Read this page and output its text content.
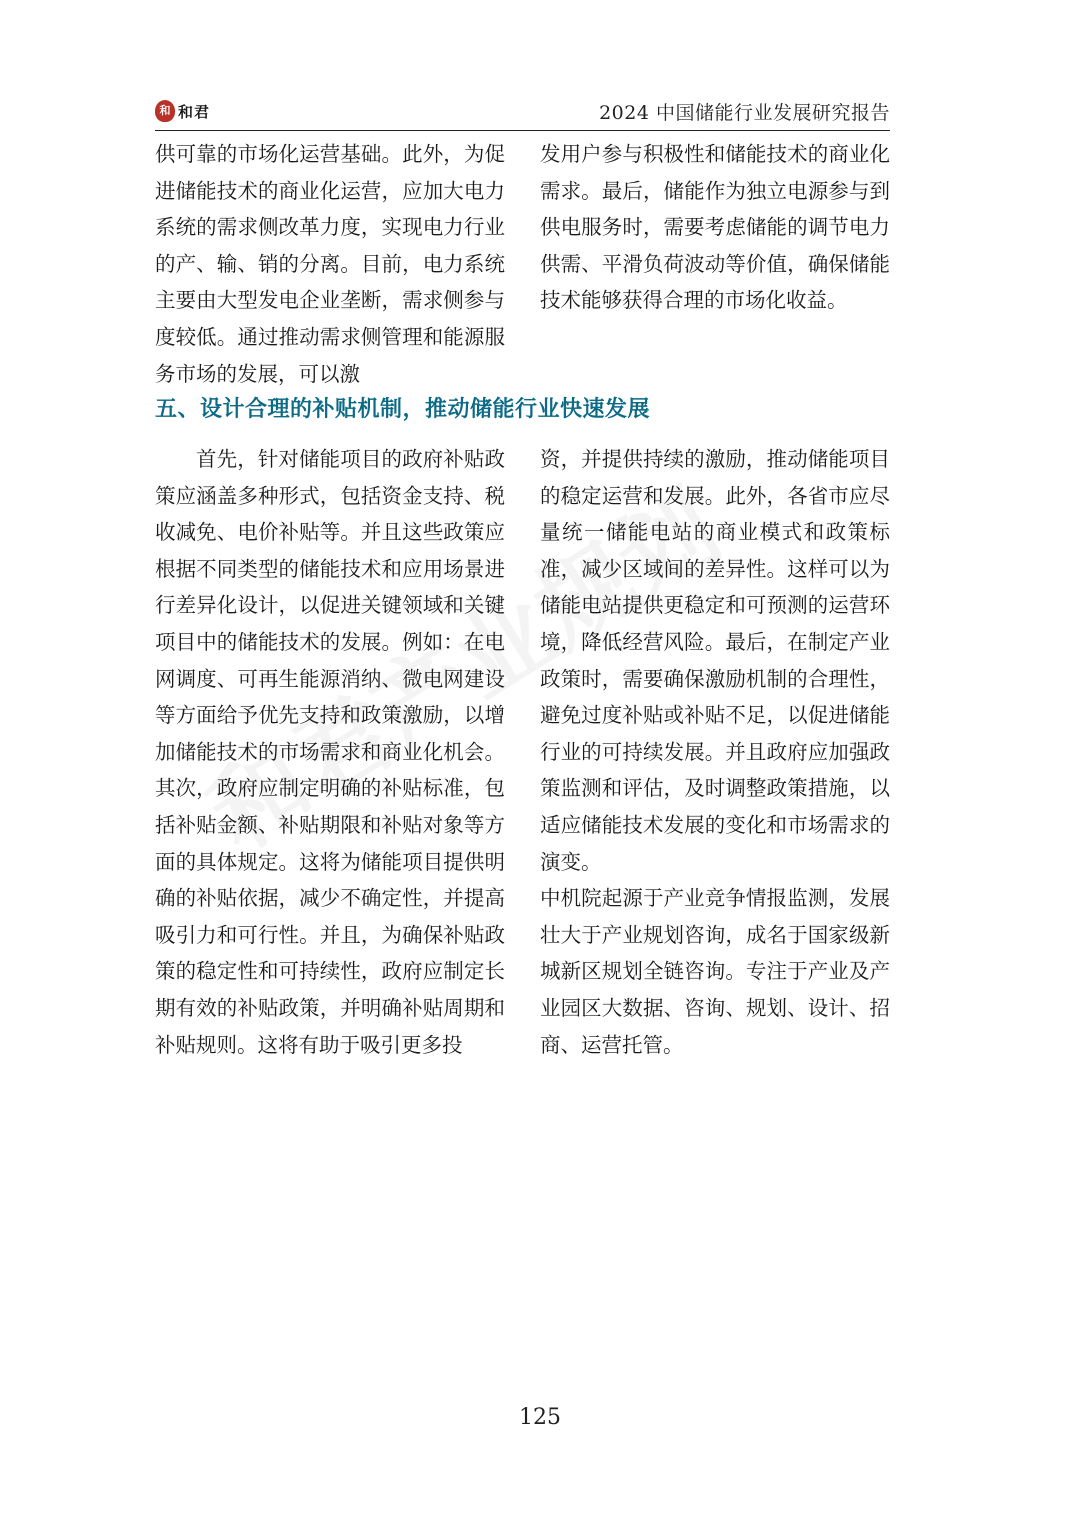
和 和君	2024 中国储能行业发展研究报告

供可靠的市场化运营基础。此外，为促进储能技术的商业化运营，应加大电力系统的需求侧改革力度，实现电力行业的产、输、销的分离。目前，电力系统主要由大型发电企业垄断，需求侧参与度较低。通过推动需求侧管理和能源服务市场的发展，可以激

发用户参与积极性和储能技术的商业化需求。最后，储能作为独立电源参与到供电服务时，需要考虑储能的调节电力供需、平滑负荷波动等价值，确保储能技术能够获得合理的市场化收益。

五、设计合理的补贴机制，推动储能行业快速发展

首先，针对储能项目的政府补贴政策应涵盖多种形式，包括资金支持、税收减免、电价补贴等。并且这些政策应根据不同类型的储能技术和应用场景进行差异化设计，以促进关键领域和关键项目中的储能技术的发展。例如：在电网调度、可再生能源消纳、微电网建设等方面给予优先支持和政策激励，以增加储能技术的市场需求和商业化机会。其次，政府应制定明确的补贴标准，包括补贴金额、补贴期限和补贴对象等方面的具体规定。这将为储能项目提供明确的补贴依据，减少不确定性，并提高吸引力和可行性。并且，为确保补贴政策的稳定性和可持续性，政府应制定长期有效的补贴政策，并明确补贴周期和补贴规则。这将有助于吸引更多投

资，并提供持续的激励，推动储能项目的稳定运营和发展。此外，各省市应尽量统一储能电站的商业模式和政策标准，减少区域间的差异性。这样可以为储能电站提供更稳定和可预测的运营环境，降低经营风险。最后，在制定产业政策时，需要确保激励机制的合理性，避免过度补贴或补贴不足，以促进储能行业的可持续发展。并且政府应加强政策监测和评估，及时调整政策措施，以适应储能技术发展的变化和市场需求的演变。

中机院起源于产业竞争情报监测，发展壮大于产业规划咨询，成名于国家级新城新区规划全链咨询。专注于产业及产业园区大数据、咨询、规划、设计、招商、运营托管。

125
